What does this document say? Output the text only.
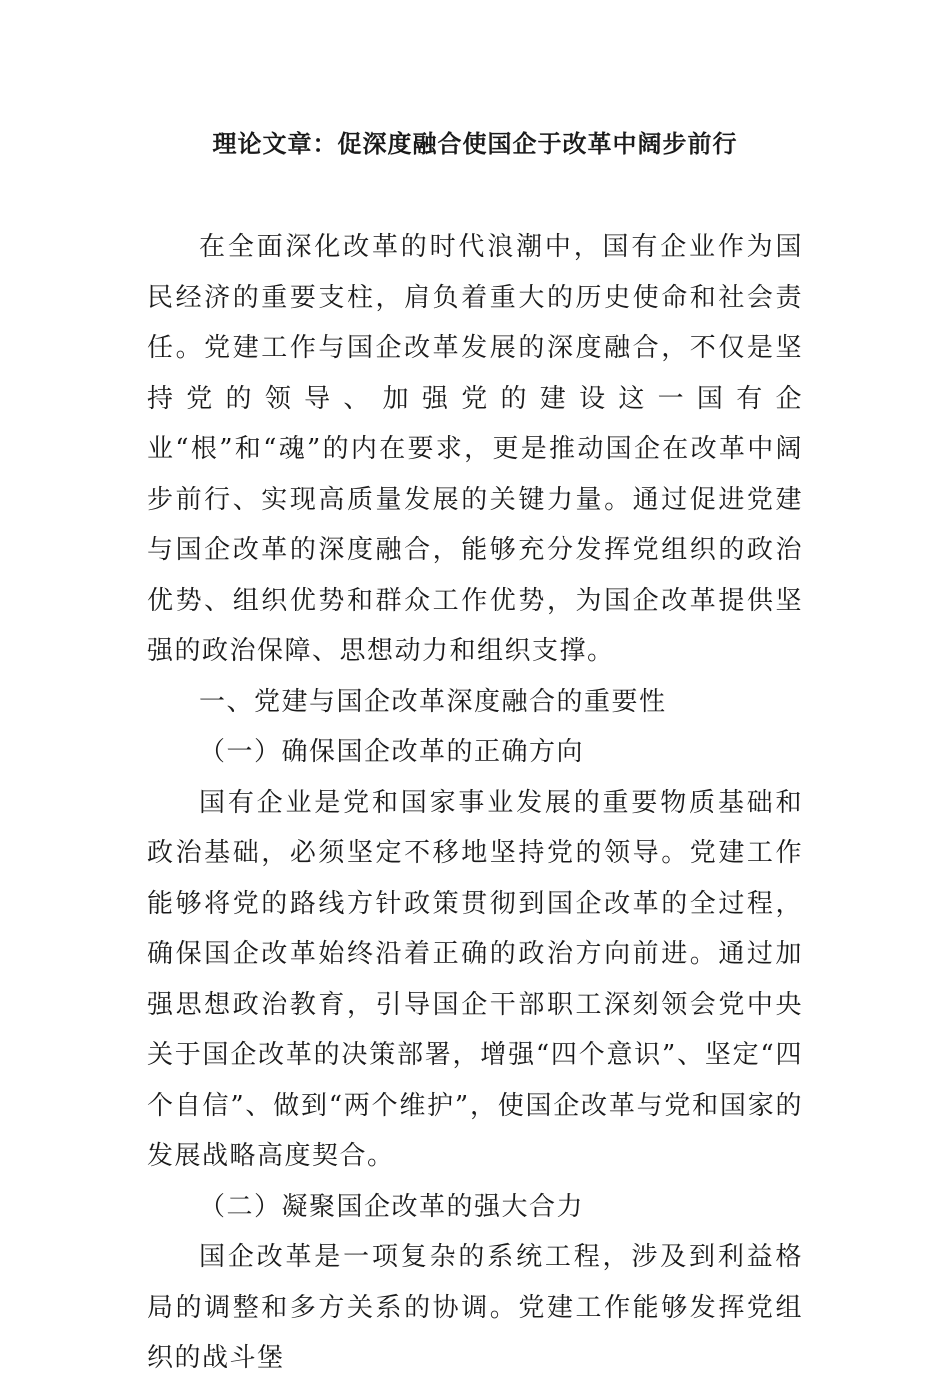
理论文章：促深度融合使国企于改革中阔步前行

在全面深化改革的时代浪潮中，国有企业作为国民经济的重要支柱，肩负着重大的历史使命和社会责任。党建工作与国企改革发展的深度融合，不仅是坚持党的领导、加强党的建设这一国有企业“根”和“魂”的内在要求，更是推动国企在改革中阔步前行、实现高质量发展的关键力量。通过促进党建与国企改革的深度融合，能够充分发挥党组织的政治优势、组织优势和群众工作优势，为国企改革提供坚强的政治保障、思想动力和组织支撑。

一、党建与国企改革深度融合的重要性

（一）确保国企改革的正确方向

国有企业是党和国家事业发展的重要物质基础和政治基础，必须坚定不移地坚持党的领导。党建工作能够将党的路线方针政策贯彻到国企改革的全过程，确保国企改革始终沿着正确的政治方向前进。通过加强思想政治教育，引导国企干部职工深刻领会党中央关于国企改革的决策部署，增强“四个意识”、坚定“四个自信”、做到“两个维护”，使国企改革与党和国家的发展战略高度契合。

（二）凝聚国企改革的强大合力

国企改革是一项复杂的系统工程，涉及到利益格局的调整和多方关系的协调。党建工作能够发挥党组织的战斗堡
